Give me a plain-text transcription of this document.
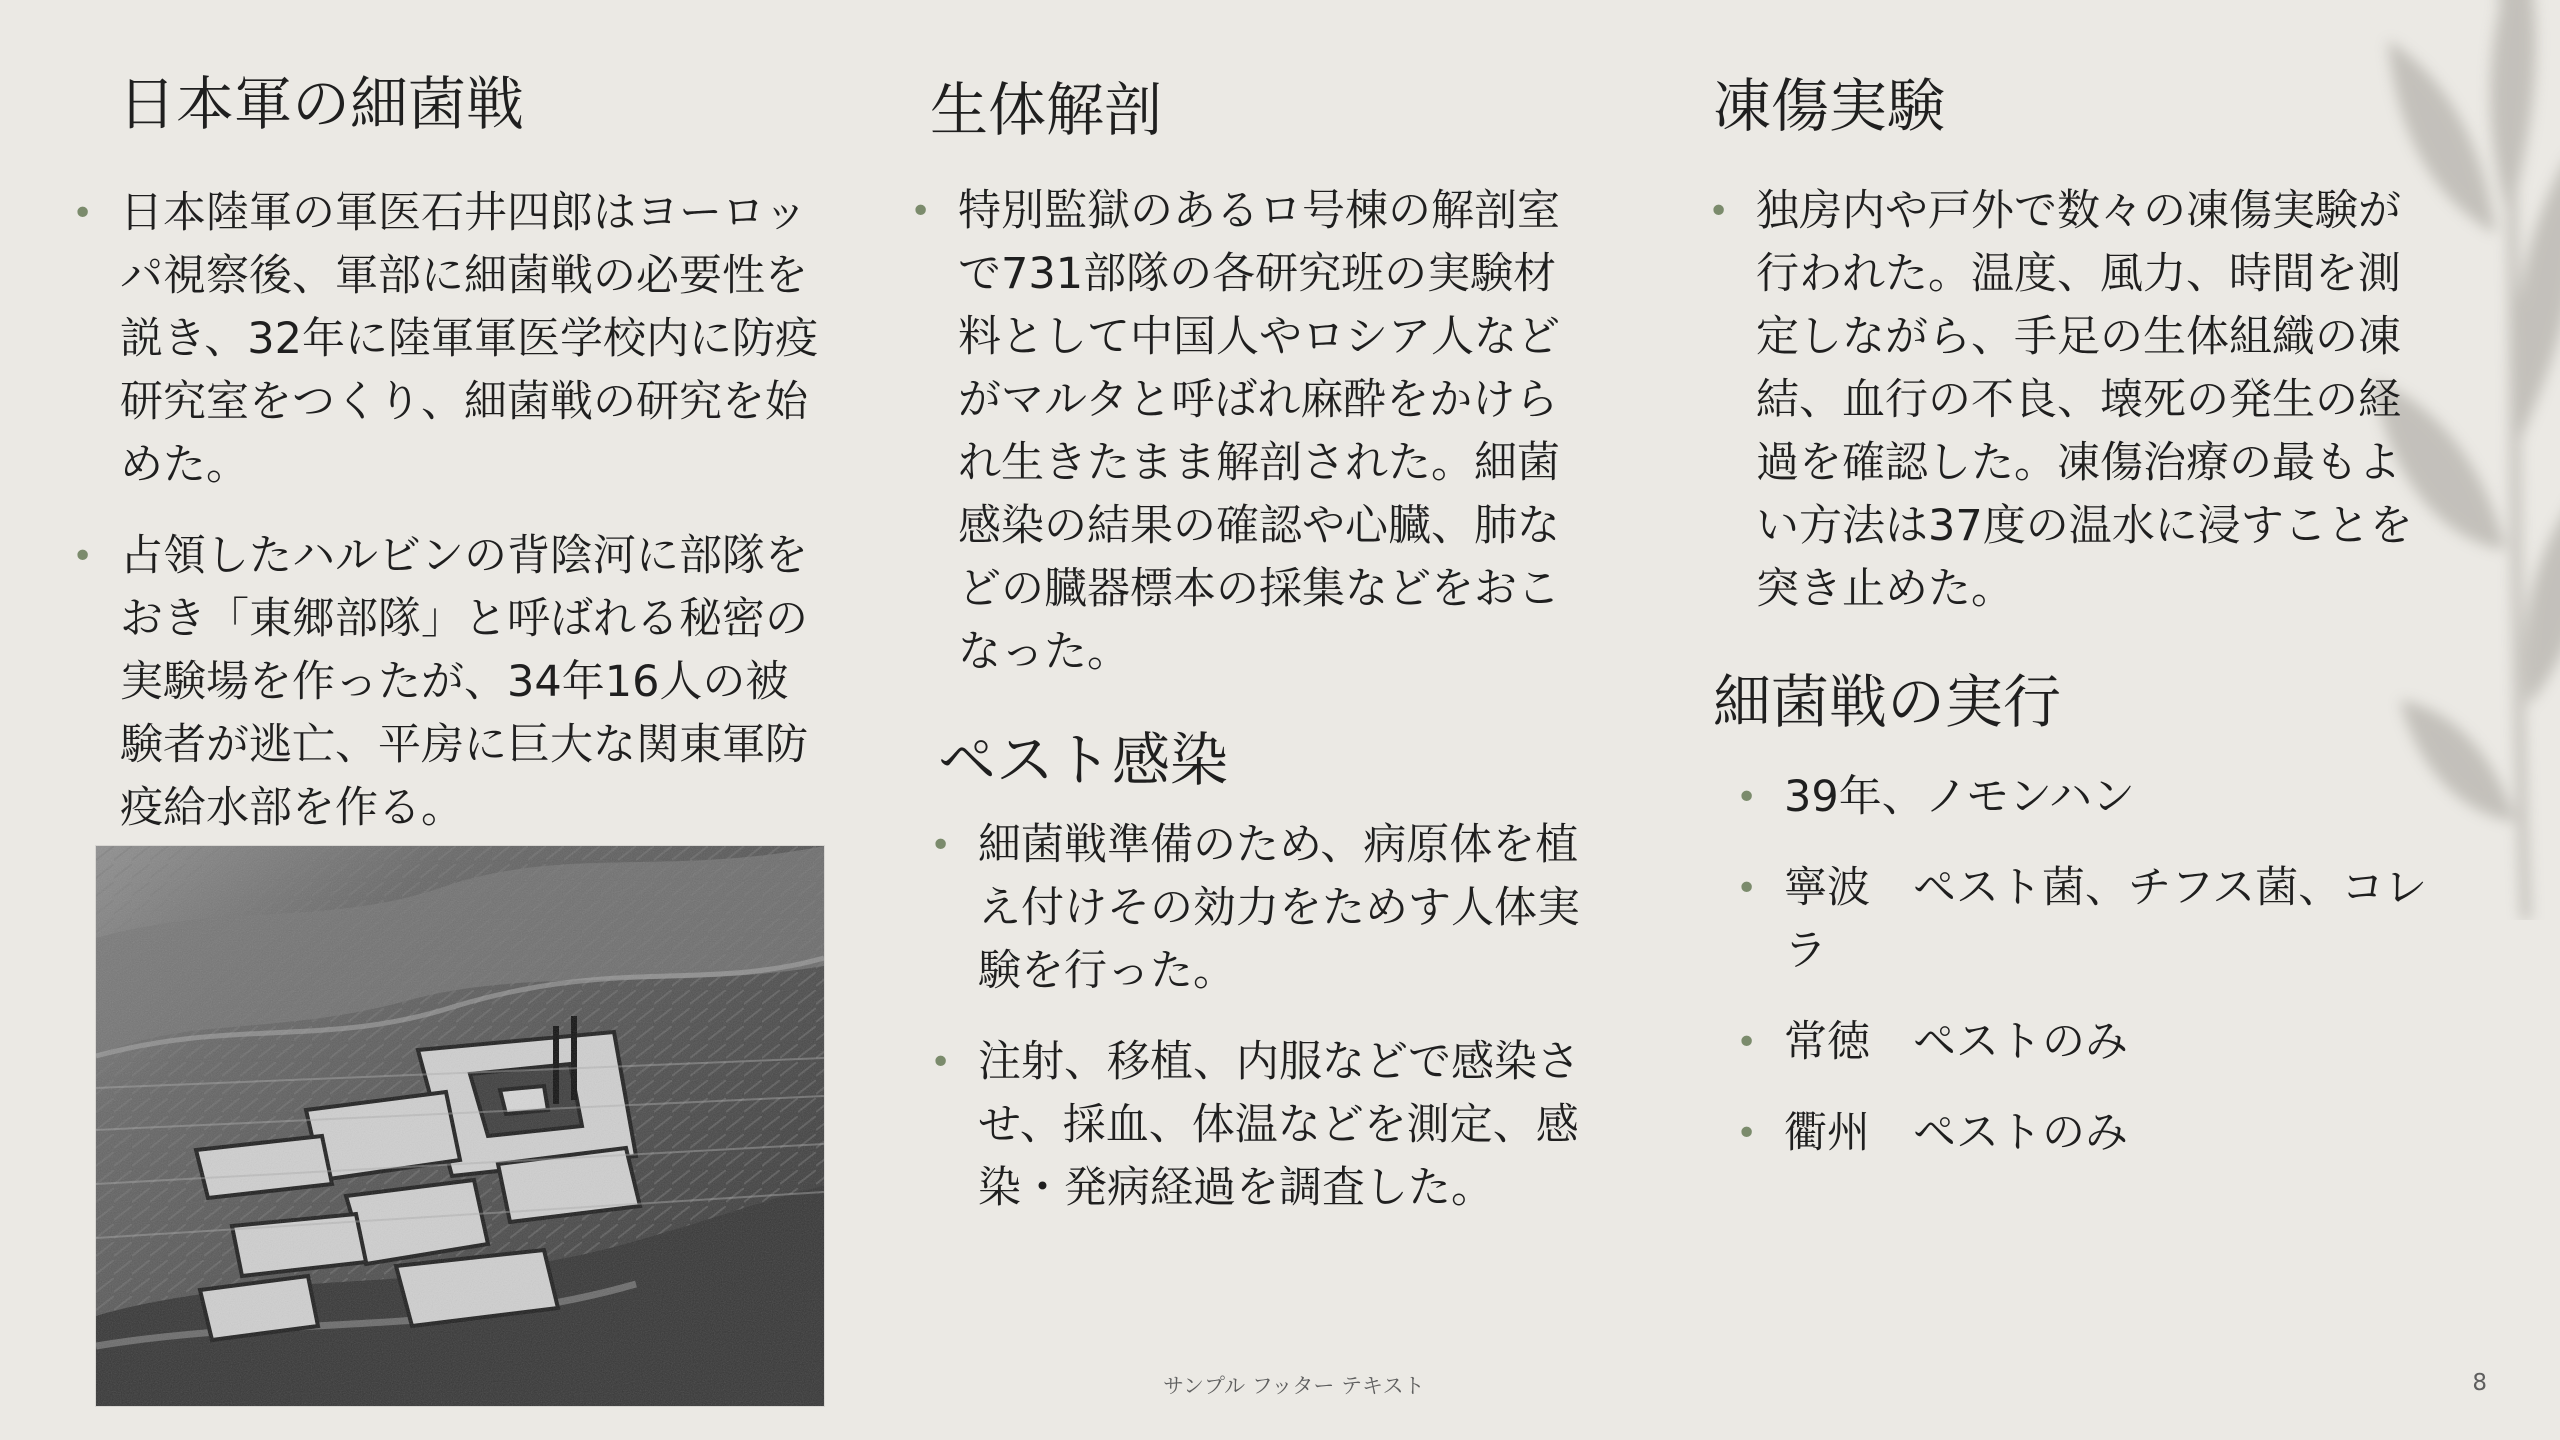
日本軍の細菌戦
• 日本陸軍の軍医石井四郎はヨーロッパ視察後、軍部に細菌戦の必要性を説き、32年に陸軍軍医学校内に防疫研究室をつくり、細菌戦の研究を始めた。
• 占領したハルビンの背陰河に部隊をおき「東郷部隊」と呼ばれる秘密の実験場を作ったが、34年16人の被験者が逃亡、平房に巨大な関東軍防疫給水部を作る。
生体解剖
• 特別監獄のあるロ号棟の解剖室で731部隊の各研究班の実験材料として中国人やロシア人などがマルタと呼ばれ麻酔をかけられ生きたまま解剖された。細菌感染の結果の確認や心臓、肺などの臓器標本の採集などをおこなった。
ペスト感染
• 細菌戦準備のため、病原体を植え付けその効力をためす人体実験を行った。
• 注射、移植、内服などで感染させ、採血、体温などを測定、感染・発病経過を調査した。
凍傷実験
• 独房内や戸外で数々の凍傷実験が行われた。温度、風力、時間を測定しながら、手足の生体組織の凍結、血行の不良、壊死の発生の経過を確認した。凍傷治療の最もよい方法は37度の温水に浸すことを突き止めた。
細菌戦の実行
• 39年、ノモンハン
• 寧波　ペスト菌、チフス菌、コレラ
• 常徳　ペストのみ
• 衢州　ペストのみ
サンプル フッター テキスト	8
